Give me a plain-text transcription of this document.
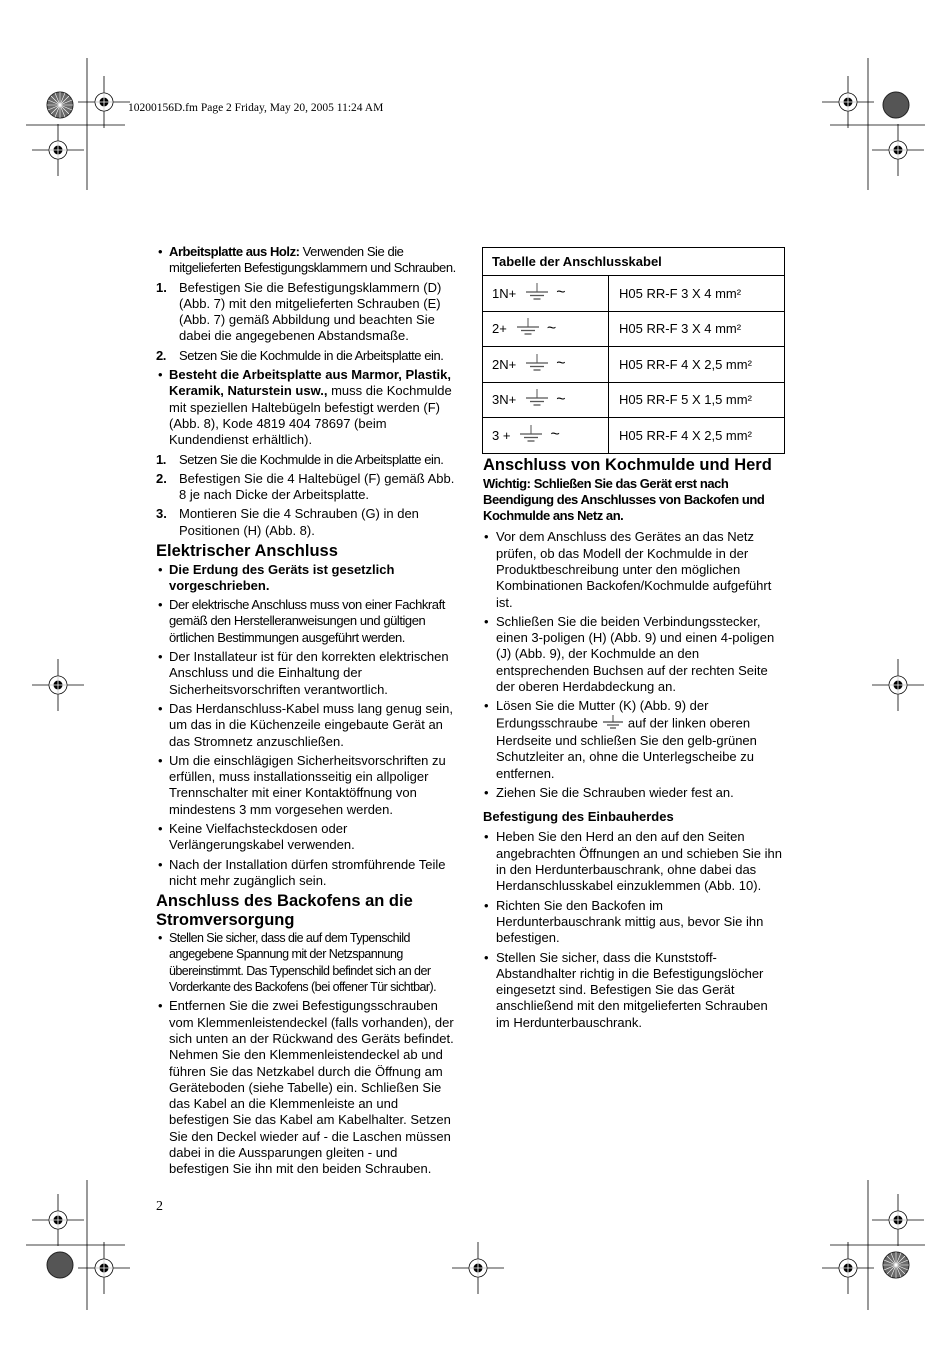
10200156D.fm Page 2 Friday, May 20, 2005 11:24 AM
• Arbeitsplatte aus Holz: Verwenden Sie die mitgelieferten Befestigungsklammern und Schrauben.
1. Befestigen Sie die Befestigungsklammern (D) (Abb. 7) mit den mitgelieferten Schrauben (E) (Abb. 7) gemäß Abbildung und beachten Sie dabei die angegebenen Abstandsmaße.
2. Setzen Sie die Kochmulde in die Arbeitsplatte ein.
• Besteht die Arbeitsplatte aus Marmor, Plastik, Keramik, Naturstein usw., muss die Kochmulde mit speziellen Haltebügeln befestigt werden (F) (Abb. 8), Kode 4819 404 78697 (beim Kundendienst erhältlich).
1. Setzen Sie die Kochmulde in die Arbeitsplatte ein.
2. Befestigen Sie die 4 Haltebügel (F) gemäß Abb. 8 je nach Dicke der Arbeitsplatte.
3. Montieren Sie die 4 Schrauben (G) in den Positionen (H) (Abb. 8).
Elektrischer Anschluss
• Die Erdung des Geräts ist gesetzlich vorgeschrieben.
• Der elektrische Anschluss muss von einer Fachkraft gemäß den Herstelleranweisungen und gültigen örtlichen Bestimmungen ausgeführt werden.
• Der Installateur ist für den korrekten elektrischen Anschluss und die Einhaltung der Sicherheitsvorschriften verantwortlich.
• Das Herdanschluss-Kabel muss lang genug sein, um das in die Küchenzeile eingebaute Gerät an das Stromnetz anzuschließen.
• Um die einschlägigen Sicherheitsvorschriften zu erfüllen, muss installationsseitig ein allpoliger Trennschalter mit einer Kontaktöffnung von mindestens 3 mm vorgesehen werden.
• Keine Vielfachsteckdosen oder Verlängerungskabel verwenden.
• Nach der Installation dürfen stromführende Teile nicht mehr zugänglich sein.
Anschluss des Backofens an die Stromversorgung
• Stellen Sie sicher, dass die auf dem Typenschild angegebene Spannung mit der Netzspannung übereinstimmt. Das Typenschild befindet sich an der Vorderkante des Backofens (bei offener Tür sichtbar).
• Entfernen Sie die zwei Befestigungsschrauben vom Klemmenleistendeckel (falls vorhanden), der sich unten an der Rückwand des Geräts befindet. Nehmen Sie den Klemmenleistendeckel ab und führen Sie das Netzkabel durch die Öffnung am Geräteboden (siehe Tabelle) ein. Schließen Sie das Kabel an die Klemmenleiste an und befestigen Sie das Kabel am Kabelhalter. Setzen Sie den Deckel wieder auf - die Laschen müssen dabei in die Aussparungen gleiten - und befestigen Sie ihn mit den beiden Schrauben.
Tabelle der Anschlusskabel
1N+	~	H05 RR-F 3 X 4 mm²
2+	~	H05 RR-F 3 X 4 mm²
2N+	~	H05 RR-F 4 X 2,5 mm²
3N+	~	H05 RR-F 5 X 1,5 mm²
3 +	~	H05 RR-F 4 X 2,5 mm²
Anschluss von Kochmulde und Herd
Wichtig: Schließen Sie das Gerät erst nach Beendigung des Anschlusses von Backofen und Kochmulde ans Netz an.
• Vor dem Anschluss des Gerätes an das Netz prüfen, ob das Modell der Kochmulde in der Produktbeschreibung unter den möglichen Kombinationen Backofen/Kochmulde aufgeführt ist.
• Schließen Sie die beiden Verbindungsstecker, einen 3-poligen (H) (Abb. 9) und einen 4-poligen (J) (Abb. 9), der Kochmulde an den entsprechenden Buchsen auf der rechten Seite der oberen Herdabdeckung an.
• Lösen Sie die Mutter (K) (Abb. 9) der Erdungsschraube auf der linken oberen Herdseite und schließen Sie den gelb-grünen Schutzleiter an, ohne die Unterlegscheibe zu entfernen.
• Ziehen Sie die Schrauben wieder fest an.
Befestigung des Einbauherdes
• Heben Sie den Herd an den auf den Seiten angebrachten Öffnungen an und schieben Sie ihn in den Herdunterbauschrank, ohne dabei das Herdanschlusskabel einzuklemmen (Abb. 10).
• Richten Sie den Backofen im Herdunterbauschrank mittig aus, bevor Sie ihn befestigen.
• Stellen Sie sicher, dass die Kunststoff-Abstandhalter richtig in die Befestigungslöcher eingesetzt sind. Befestigen Sie das Gerät anschließend mit den mitgelieferten Schrauben im Herdunterbauschrank.
2
